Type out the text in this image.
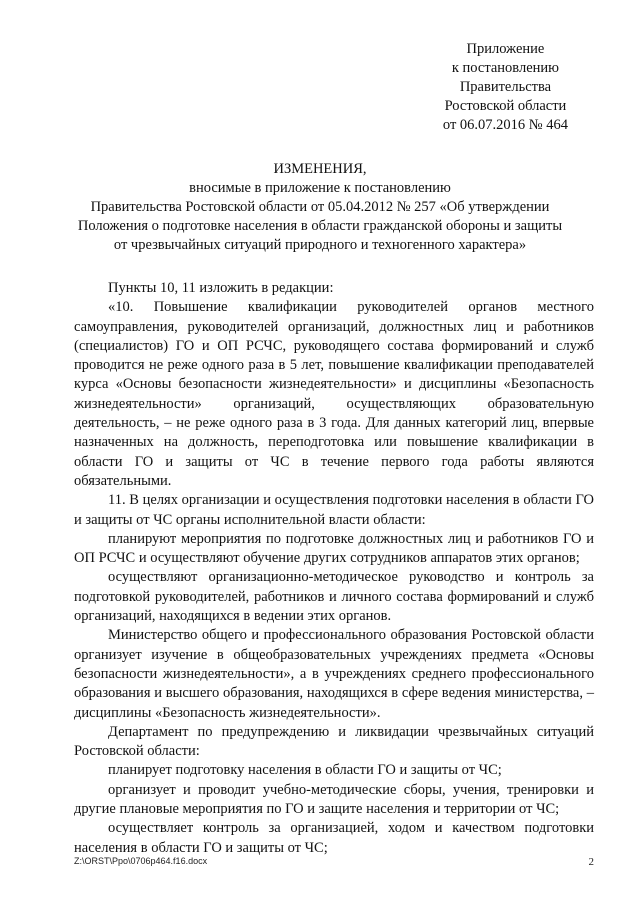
Приложение
к постановлению
Правительства
Ростовской области
от 06.07.2016 № 464
ИЗМЕНЕНИЯ,
вносимые в приложение к постановлению
Правительства Ростовской области от 05.04.2012 № 257 «Об утверждении
Положения о подготовке населения в области гражданской обороны и защиты
от чрезвычайных ситуаций природного и техногенного характера»

Пункты 10, 11 изложить в редакции:

«10. Повышение квалификации руководителей органов местного самоуправления, руководителей организаций, должностных лиц и работников (специалистов) ГО и ОП РСЧС, руководящего состава формирований и служб проводится не реже одного раза в 5 лет, повышение квалификации преподавателей курса «Основы безопасности жизнедеятельности» и дисциплины «Безопасность жизнедеятельности» организаций, осуществляющих образовательную деятельность, – не реже одного раза в 3 года. Для данных категорий лиц, впервые назначенных на должность, переподготовка или повышение квалификации в области ГО и защиты от ЧС в течение первого года работы являются обязательными.

11. В целях организации и осуществления подготовки населения в области ГО и защиты от ЧС органы исполнительной власти области:

планируют мероприятия по подготовке должностных лиц и работников ГО и ОП РСЧС и осуществляют обучение других сотрудников аппаратов этих органов;

осуществляют организационно-методическое руководство и контроль за подготовкой руководителей, работников и личного состава формирований и служб организаций, находящихся в ведении этих органов.

Министерство общего и профессионального образования Ростовской области организует изучение в общеобразовательных учреждениях предмета «Основы безопасности жизнедеятельности», а в учреждениях среднего профессионального образования и высшего образования, находящихся в сфере ведения министерства, – дисциплины «Безопасность жизнедеятельности».

Департамент по предупреждению и ликвидации чрезвычайных ситуаций Ростовской области:

планирует подготовку населения в области ГО и защиты от ЧС;

организует и проводит учебно-методические сборы, учения, тренировки и другие плановые мероприятия по ГО и защите населения и территории от ЧС;

осуществляет контроль за организацией, ходом и качеством подготовки населения в области ГО и защиты от ЧС;

Z:\ORST\Ppo\0706p464.f16.docx	2
